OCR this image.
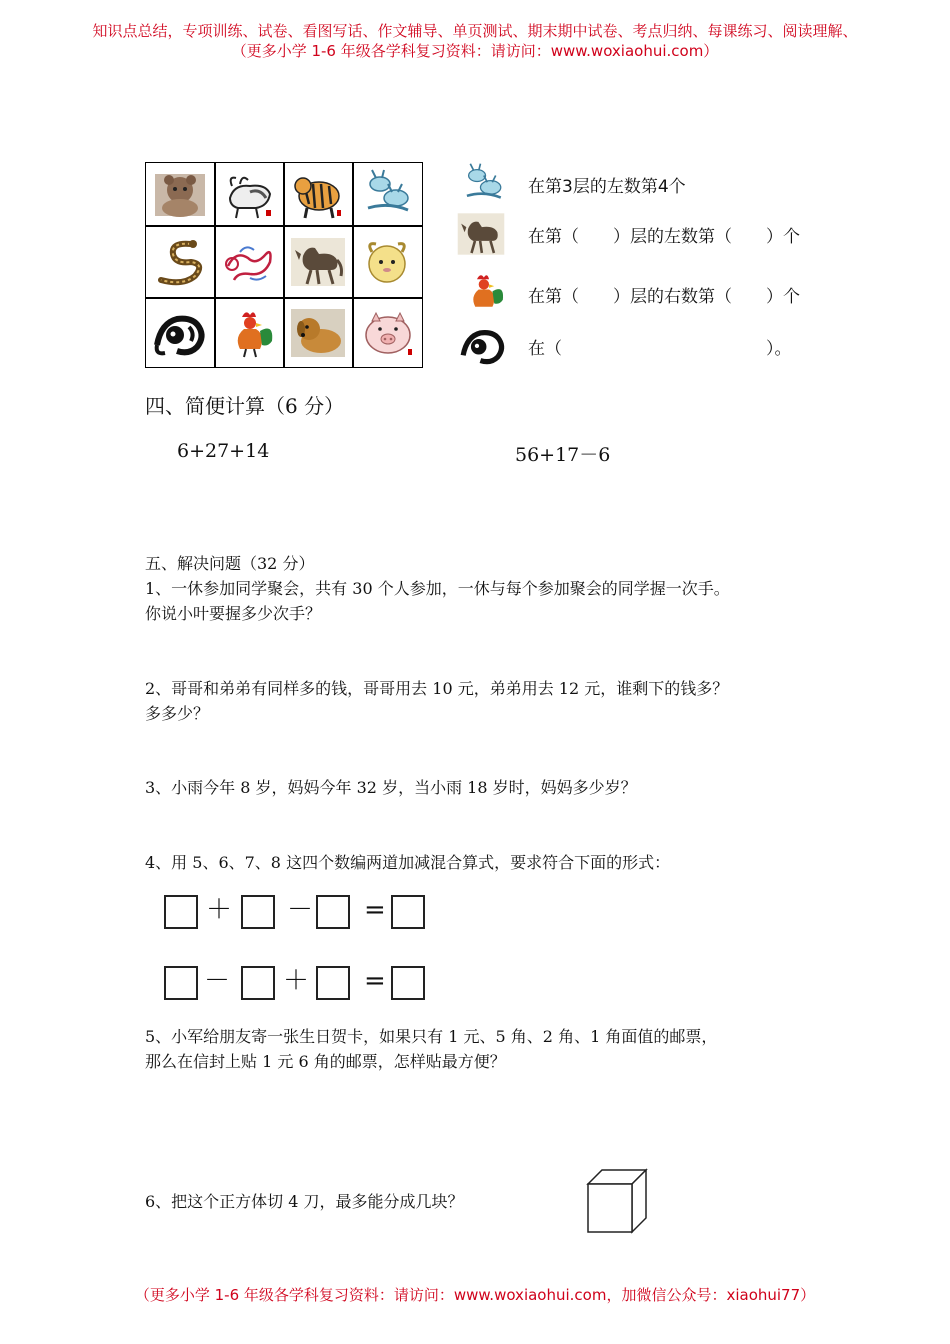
知识点总结，专项训练、试卷、看图写话、作文辅导、单页测试、期末期中试卷、考点归纳、每课练习、阅读理解、
（更多小学 1-6 年级各学科复习资料：请访问：www.woxiaohui.com）
在第3层的左数第4个
在第（　　）层的左数第（　　）个
在第（　　）层的右数第（　　）个
在（　　　　　　　　　　　　）。
四、简便计算（6 分）
6+27+14	56+17－6
五、解决问题（32 分）
1、一休参加同学聚会，共有 30 个人参加，一休与每个参加聚会的同学握一次手。
你说小叶要握多少次手？
2、哥哥和弟弟有同样多的钱，哥哥用去 10 元，弟弟用去 12 元，谁剩下的钱多？
多多少？
3、小雨今年 8 岁，妈妈今年 32 岁，当小雨 18 岁时，妈妈多少岁？
4、用 5、6、7、8 这四个数编两道加减混合算式，要求符合下面的形式：
＋ － =
－ ＋ =
5、小军给朋友寄一张生日贺卡，如果只有 1 元、5 角、2 角、1 角面值的邮票，
那么在信封上贴 1 元 6 角的邮票，怎样贴最方便？
6、把这个正方体切 4 刀，最多能分成几块？
（更多小学 1-6 年级各学科复习资料：请访问：www.woxiaohui.com，加微信公众号：xiaohui77）
